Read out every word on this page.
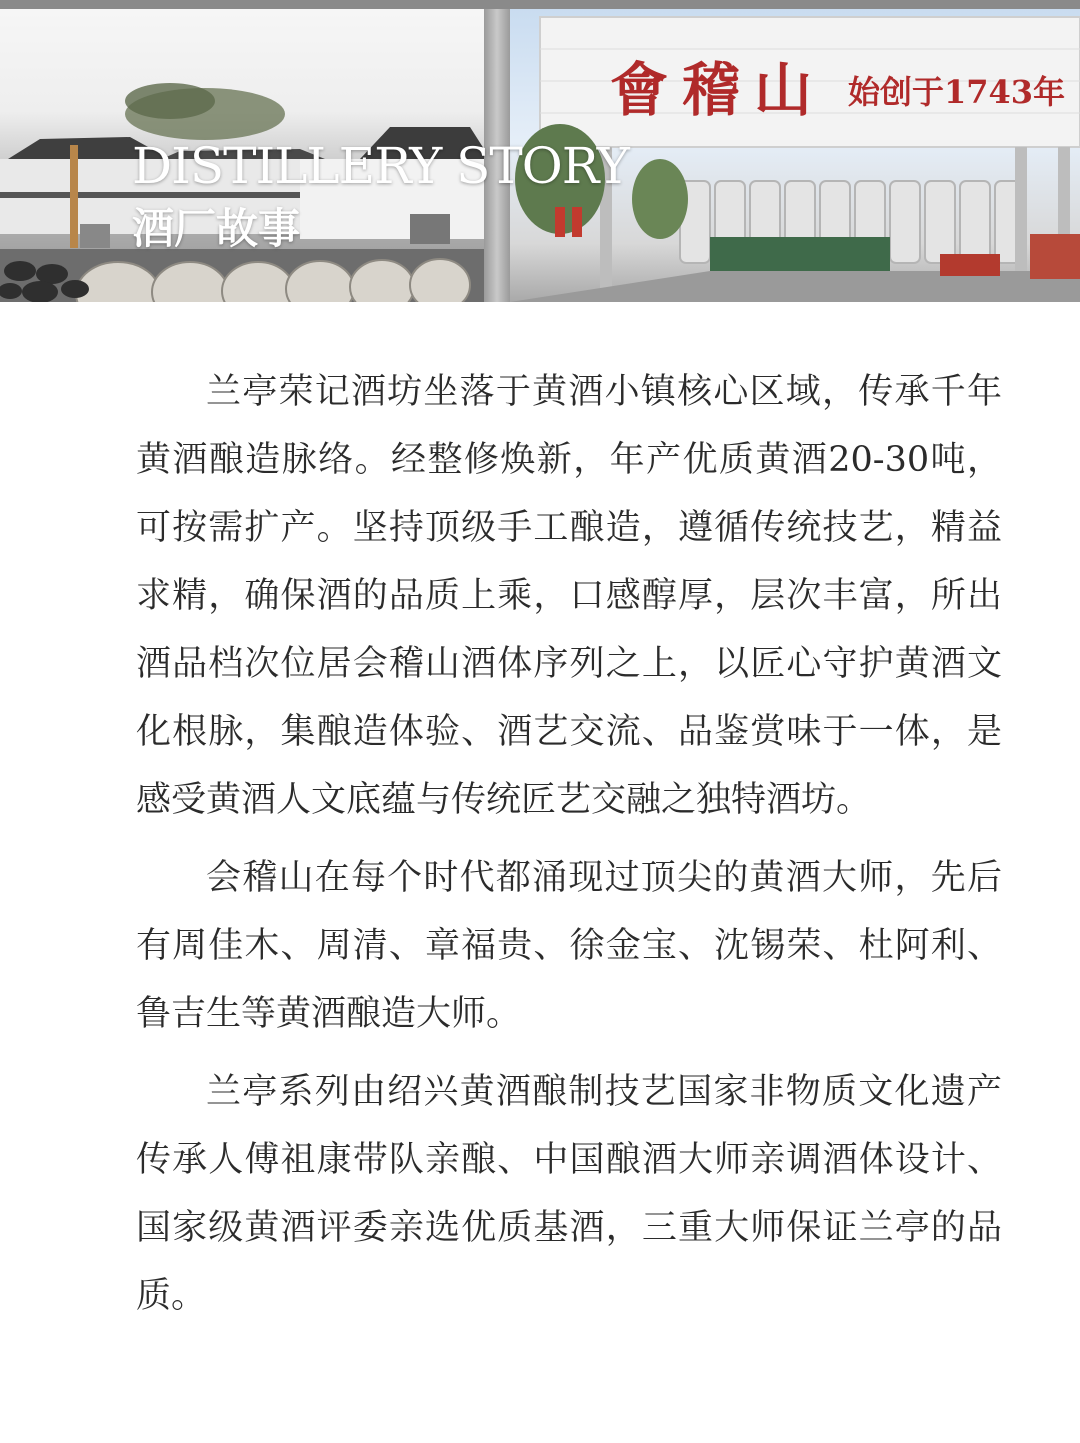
會稽山 始创于1743年
DISTILLERY STORY
酒厂故事

兰亭荣记酒坊坐落于黄酒小镇核心区域，传承千年黄酒酿造脉络。经整修焕新，年产优质黄酒20-30吨，可按需扩产。坚持顶级手工酿造，遵循传统技艺，精益求精，确保酒的品质上乘，口感醇厚，层次丰富，所出酒品档次位居会稽山酒体序列之上，以匠心守护黄酒文化根脉，集酿造体验、酒艺交流、品鉴赏味于一体，是感受黄酒人文底蕴与传统匠艺交融之独特酒坊。

会稽山在每个时代都涌现过顶尖的黄酒大师，先后有周佳木、周清、章福贵、徐金宝、沈锡荣、杜阿利、鲁吉生等黄酒酿造大师。

兰亭系列由绍兴黄酒酿制技艺国家非物质文化遗产传承人傅祖康带队亲酿、中国酿酒大师亲调酒体设计、国家级黄酒评委亲选优质基酒，三重大师保证兰亭的品质。
